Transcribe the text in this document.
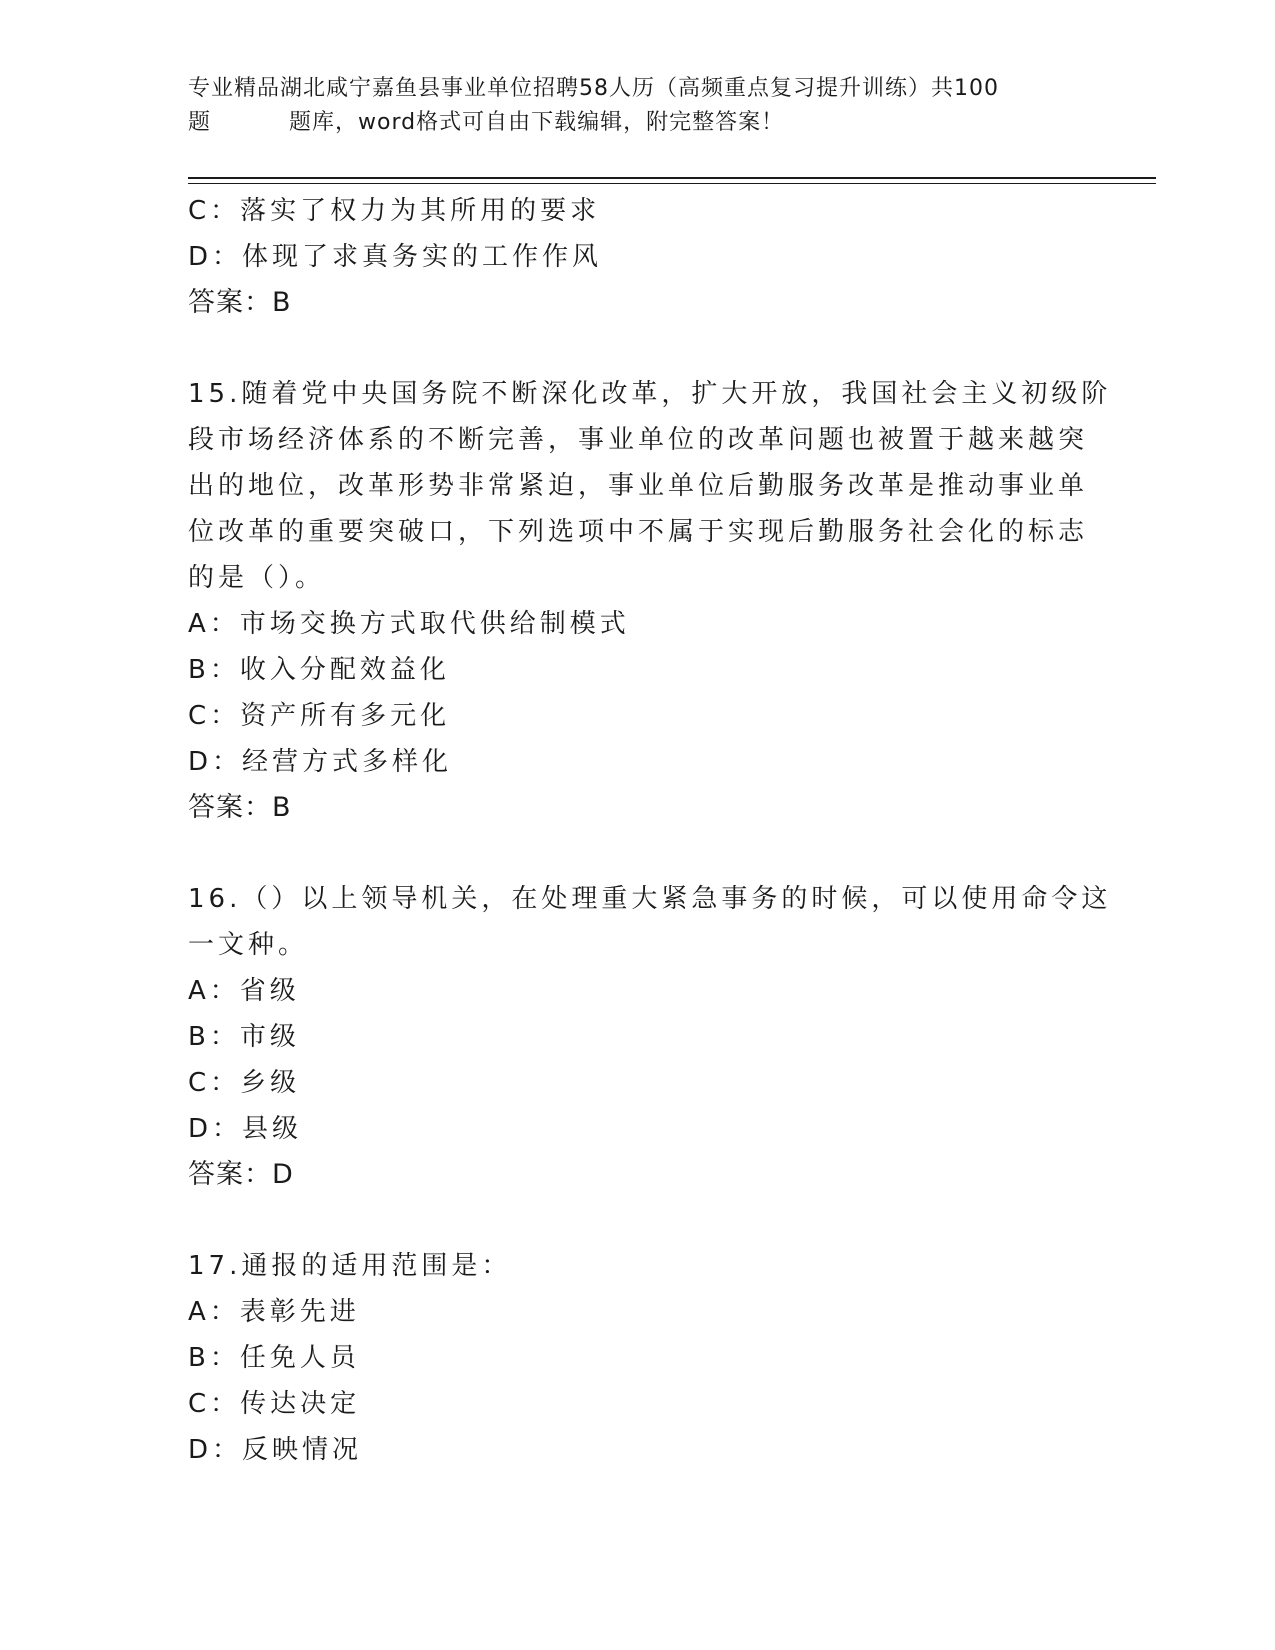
专业精品湖北咸宁嘉鱼县事业单位招聘58人历（高频重点复习提升训练）共100
题	题库，word格式可自由下载编辑，附完整答案！
C：落实了权力为其所用的要求
D：体现了求真务实的工作作风
答案：B
15.随着党中央国务院不断深化改革，扩大开放，我国社会主义初级阶
段市场经济体系的不断完善，事业单位的改革问题也被置于越来越突
出的地位，改革形势非常紧迫，事业单位后勤服务改革是推动事业单
位改革的重要突破口，下列选项中不属于实现后勤服务社会化的标志
的是（）。
A：市场交换方式取代供给制模式
B：收入分配效益化
C：资产所有多元化
D：经营方式多样化
答案：B
16.（）以上领导机关，在处理重大紧急事务的时候，可以使用命令这
一文种。
A：省级
B：市级
C：乡级
D：县级
答案：D
17.通报的适用范围是：
A：表彰先进
B：任免人员
C：传达决定
D：反映情况
